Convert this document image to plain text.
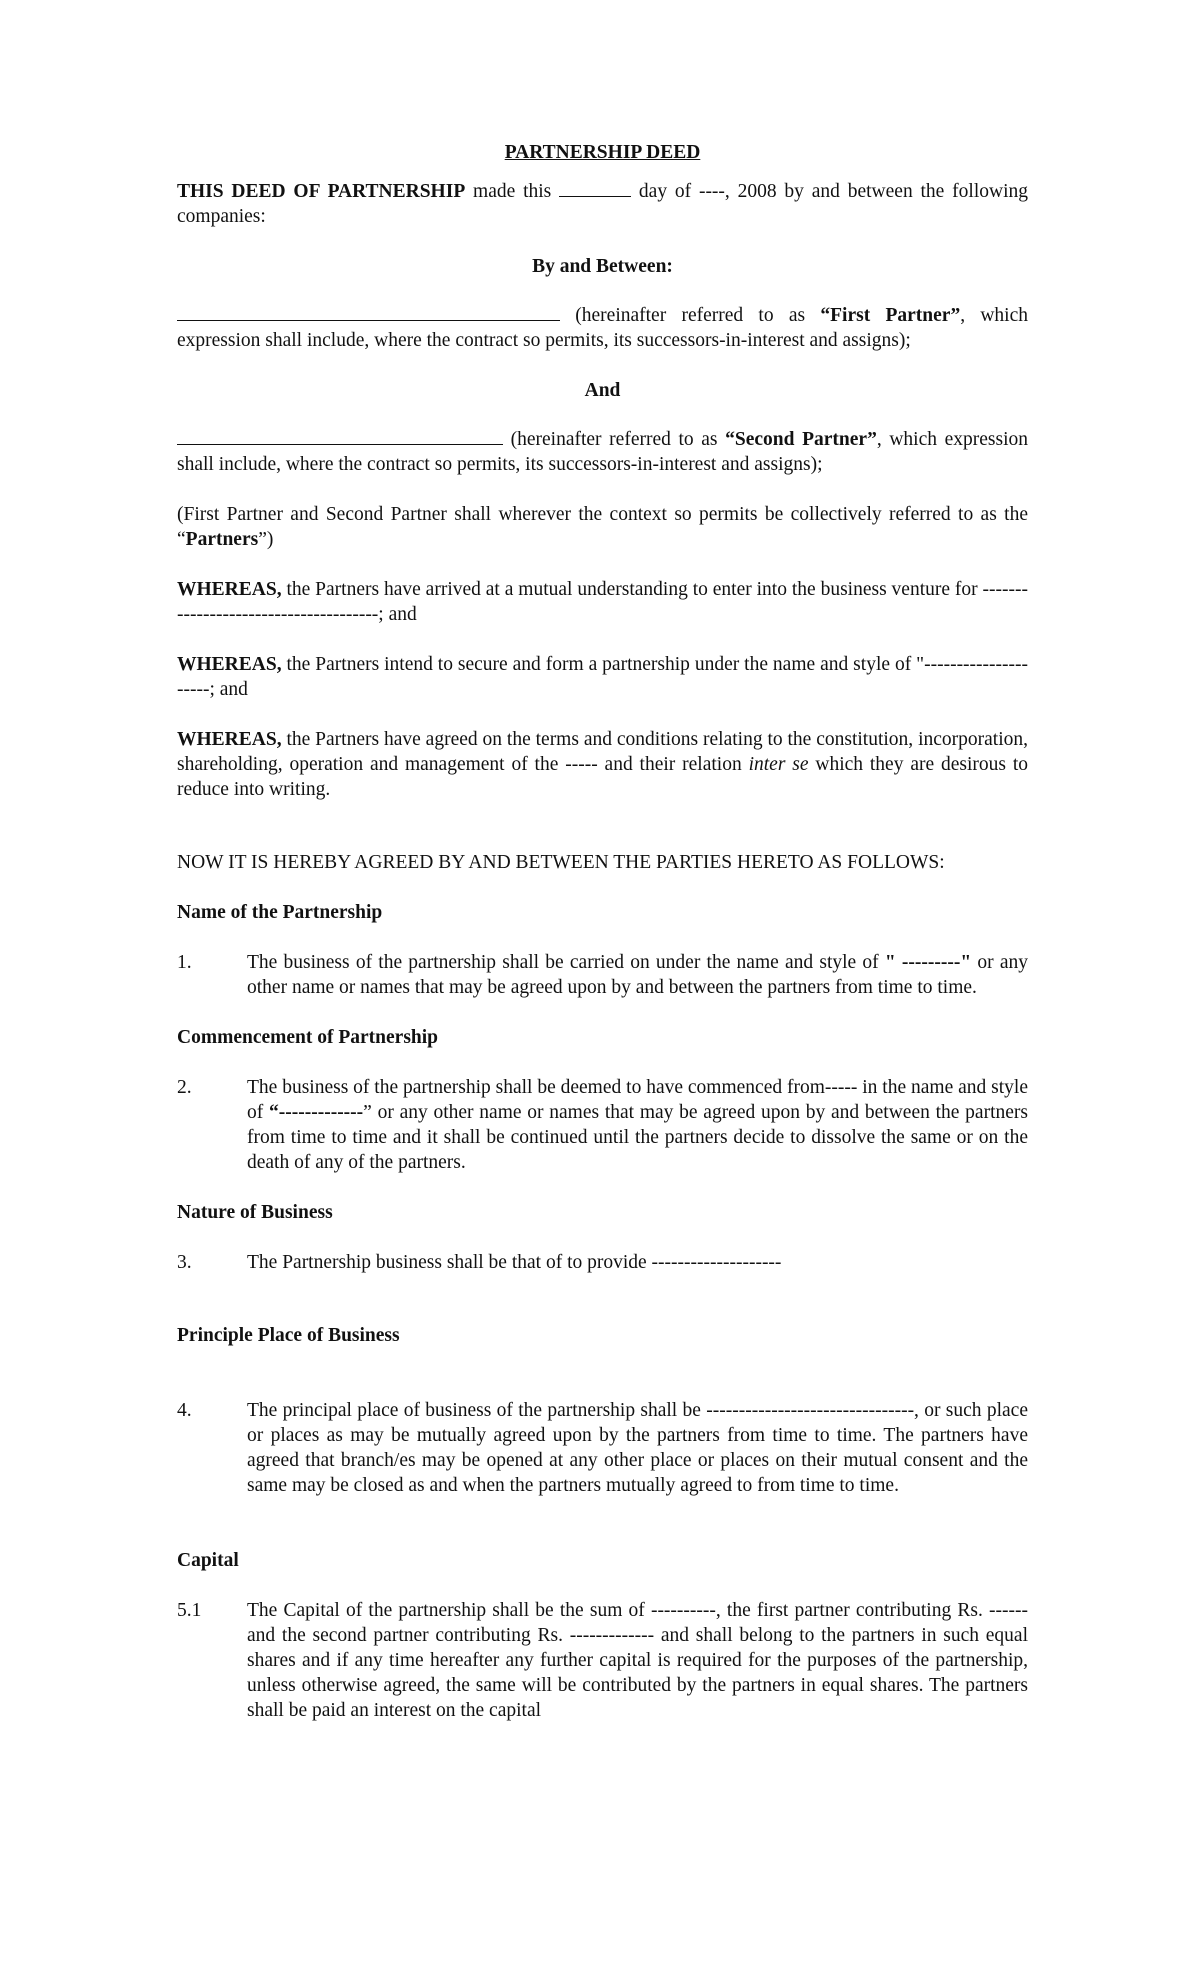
PARTNERSHIP DEED

THIS DEED OF PARTNERSHIP made this	day of ----, 2008 by and between the following companies:

By and Between:

(hereinafter referred to as “First Partner”, which expression shall include, where the contract so permits, its successors-in-interest and assigns);

And

(hereinafter referred to as “Second Partner”, which expression shall include, where the contract so permits, its successors-in-interest and assigns);

(First Partner and Second Partner shall wherever the context so permits be collectively referred to as the “Partners”)

WHEREAS, the Partners have arrived at a mutual understanding to enter into the business venture for --------------------------------------; and

WHEREAS, the Partners intend to secure and form a partnership under the name and style of "---------------------; and

WHEREAS, the Partners have agreed on the terms and conditions relating to the constitution, incorporation, shareholding, operation and management of the ----- and their relation inter se which they are desirous to reduce into writing.

NOW IT IS HEREBY AGREED BY AND BETWEEN THE PARTIES HERETO AS FOLLOWS:

Name of the Partnership
1.	The business of the partnership shall be carried on under the name and style of " ---------" or any other name or names that may be agreed upon by and between the partners from time to time.
Commencement of Partnership
2.	The business of the partnership shall be deemed to have commenced from----- in the name and style of “-------------” or any other name or names that may be agreed upon by and between the partners from time to time and it shall be continued until the partners decide to dissolve the same or on the death of any of the partners.
Nature of Business
3.	The Partnership business shall be that of to provide --------------------
Principle Place of Business
4.	The principal place of business of the partnership shall be --------------------------------, or such place or places as may be mutually agreed upon by the partners from time to time. The partners have agreed that branch/es may be opened at any other place or places on their mutual consent and the same may be closed as and when the partners mutually agreed to from time to time.
Capital
5.1	The Capital of the partnership shall be the sum of ----------, the first partner contributing Rs. ------ and the second partner contributing Rs. ------------- and shall belong to the partners in such equal shares and if any time hereafter any further capital is required for the purposes of the partnership, unless otherwise agreed, the same will be contributed by the partners in equal shares. The partners shall be paid an interest on the capital
